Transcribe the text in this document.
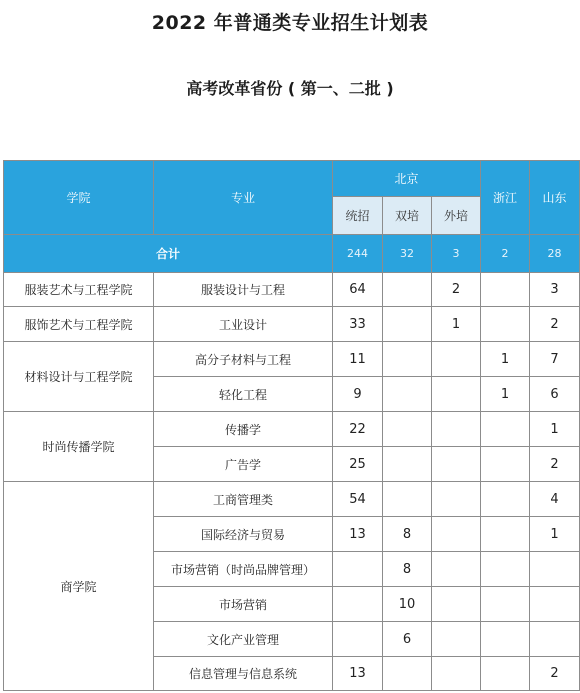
2022 年普通类专业招生计划表
高考改革省份 ( 第一、二批 )
学院	专业	北京			浙江	山东
		统招	双培	外培		
合计		244	32	3	2	28
服装艺术与工程学院	服装设计与工程	64		2		3
服饰艺术与工程学院	工业设计	33		1		2
材料设计与工程学院	高分子材料与工程	11			1	7
	轻化工程	9			1	6
时尚传播学院	传播学	22				1
	广告学	25				2
商学院	工商管理类	54				4
	国际经济与贸易	13	8			1
	市场营销（时尚品牌管理）		8			
	市场营销		10			
	文化产业管理		6			
	信息管理与信息系统	13				2
